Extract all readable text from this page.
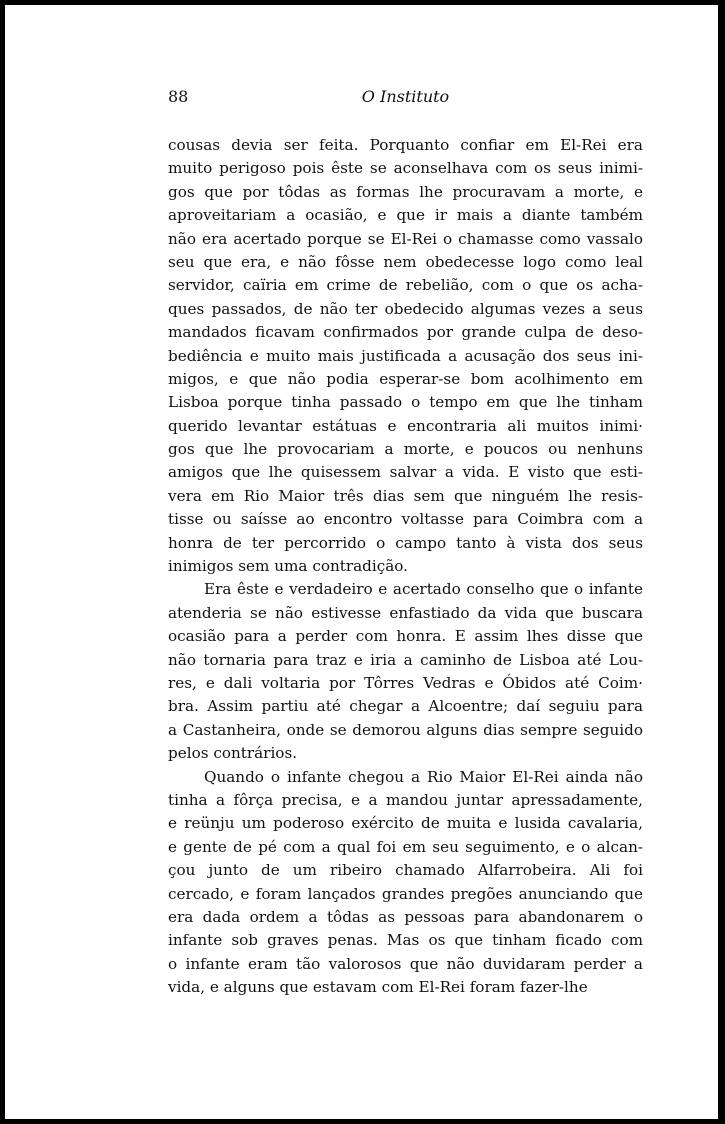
88	O Instituto
cousas devia ser feita. Porquanto confiar em El-Rei era
muito perigoso pois êste se aconselhava com os seus inimi-
gos que por tôdas as formas lhe procuravam a morte, e
aproveitariam a ocasião, e que ir mais a diante também
não era acertado porque se El-Rei o chamasse como vassalo
seu que era, e não fôsse nem obedecesse logo como leal
servidor, caïria em crime de rebelião, com o que os acha-
ques passados, de não ter obedecido algumas vezes a seus
mandados ficavam confirmados por grande culpa de deso-
bediência e muito mais justificada a acusação dos seus ini-
migos, e que não podia esperar-se bom acolhimento em
Lisboa porque tinha passado o tempo em que lhe tinham
querido levantar estátuas e encontraria ali muitos inimi·
gos que lhe provocariam a morte, e poucos ou nenhuns
amigos que lhe quisessem salvar a vida. E visto que esti-
vera em Rio Maior três dias sem que ninguém lhe resis-
tisse ou saísse ao encontro voltasse para Coimbra com a
honra de ter percorrido o campo tanto à vista dos seus
inimigos sem uma contradição.
Era êste e verdadeiro e acertado conselho que o infante
atenderia se não estivesse enfastiado da vida que buscara
ocasião para a perder com honra. E assim lhes disse que
não tornaria para traz e iria a caminho de Lisboa até Lou-
res, e dali voltaria por Tôrres Vedras e Óbidos até Coim·
bra. Assim partiu até chegar a Alcoentre; daí seguiu para
a Castanheira, onde se demorou alguns dias sempre seguido
pelos contrários.
Quando o infante chegou a Rio Maior El-Rei ainda não
tinha a fôrça precisa, e a mandou juntar apressadamente,
e reünju um poderoso exército de muita e lusida cavalaria,
e gente de pé com a qual foi em seu seguimento, e o alcan-
çou junto de um ribeiro chamado Alfarrobeira. Ali foi
cercado, e foram lançados grandes pregões anunciando que
era dada ordem a tôdas as pessoas para abandonarem o
infante sob graves penas. Mas os que tinham ficado com
o infante eram tão valorosos que não duvidaram perder a
vida, e alguns que estavam com El-Rei foram fazer-lhe
